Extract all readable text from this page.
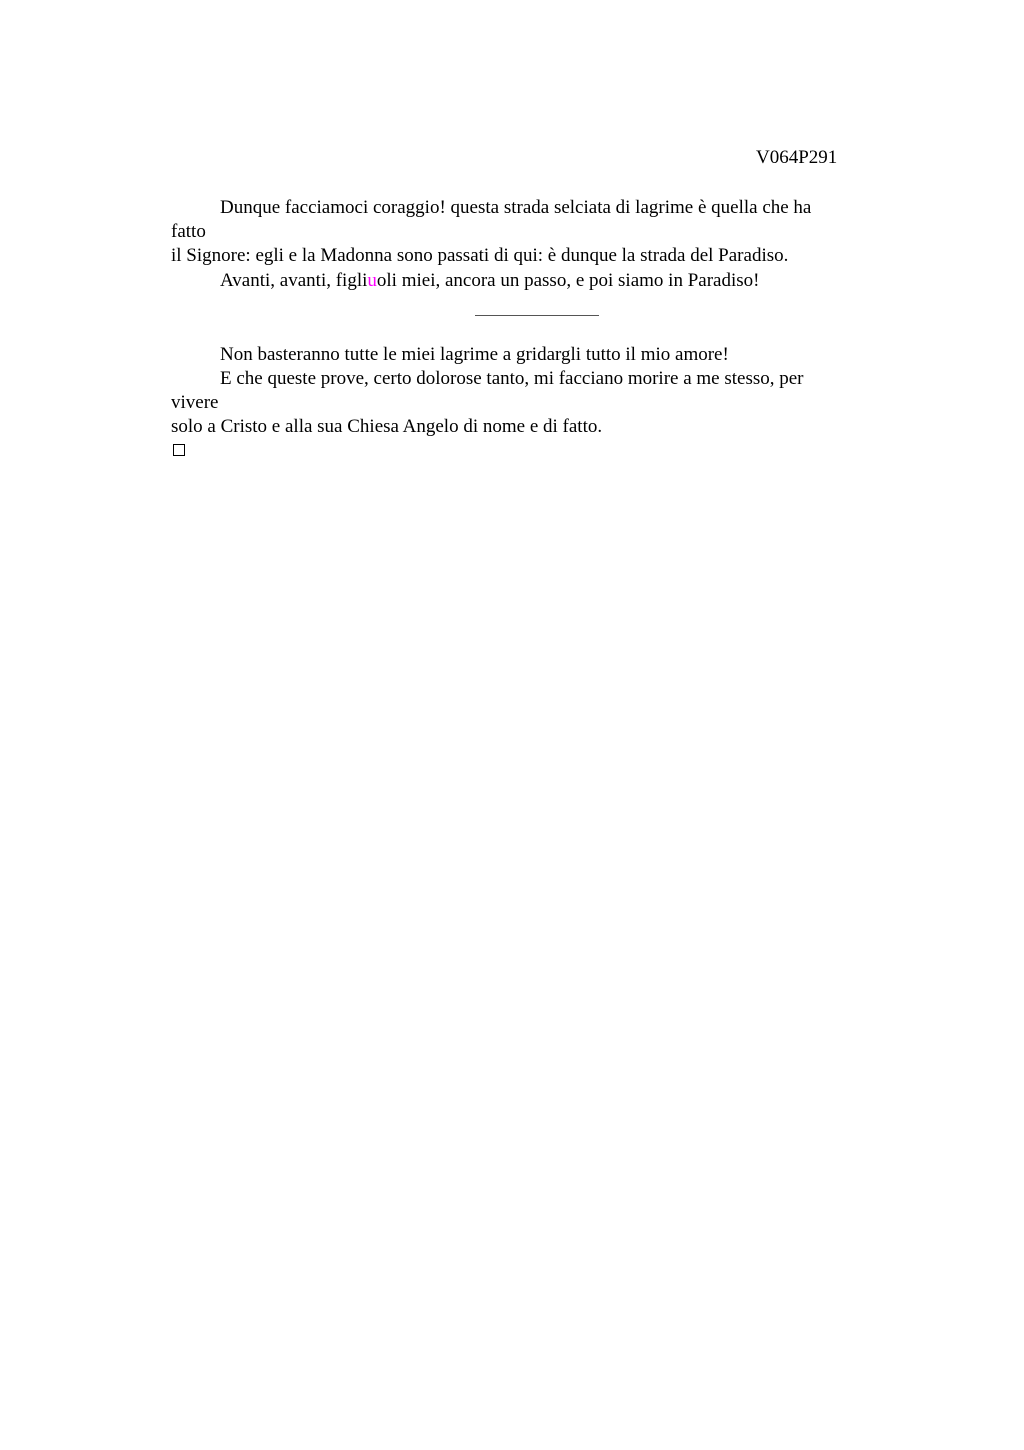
V064P291
Dunque facciamoci coraggio! questa strada selciata di lagrime è quella che ha
fatto
il Signore: egli e la Madonna sono passati di qui: è dunque la strada del Paradiso.
Avanti, avanti, figliuoli miei, ancora un passo, e poi siamo in Paradiso!
Non basteranno tutte le miei lagrime a gridargli tutto il mio amore!
E che queste prove, certo dolorose tanto, mi facciano morire a me stesso, per
vivere
solo a Cristo e alla sua Chiesa Angelo di nome e di fatto.
